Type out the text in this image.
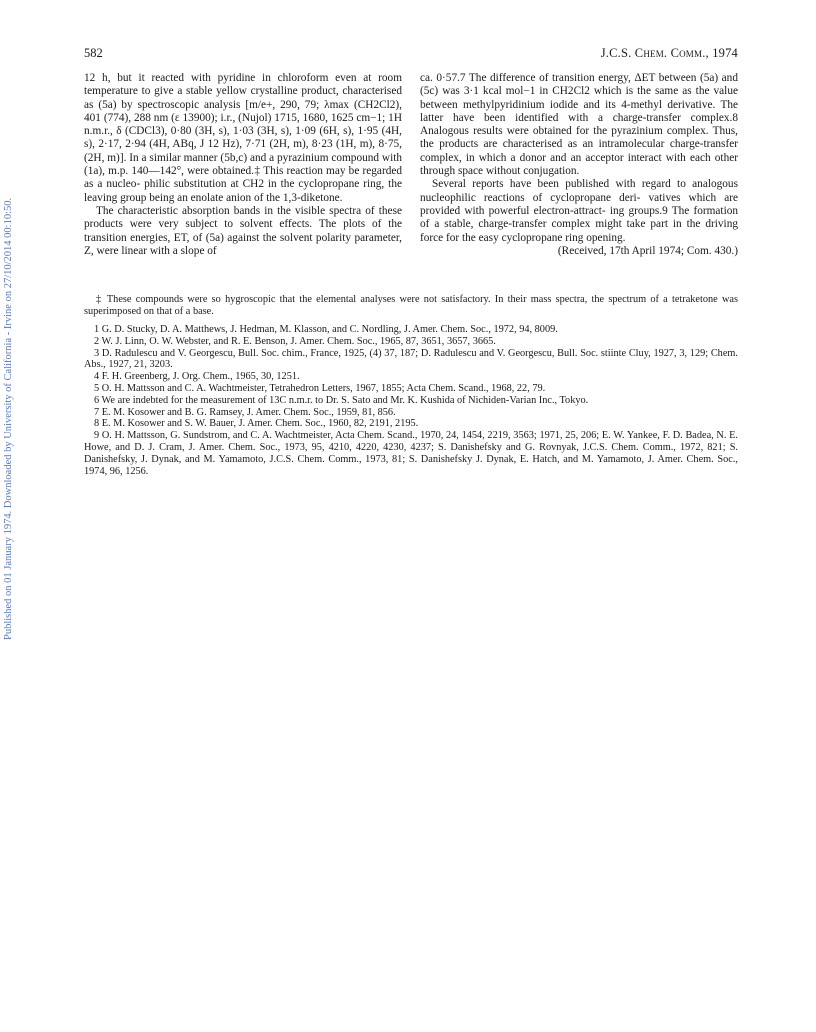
Published on 01 January 1974. Downloaded by University of California - Irvine on 27/10/2014 00:10:50.
582	J.C.S. Chem. Comm., 1974

12 h, but it reacted with pyridine in chloroform even at room temperature to give a stable yellow crystalline product, characterised as (5a) by spectroscopic analysis [m/e+, 290, 79; λmax (CH2Cl2), 401 (774), 288 nm (ε 13900); i.r., (Nujol) 1715, 1680, 1625 cm−1; 1H n.m.r., δ (CDCl3), 0·80 (3H, s), 1·03 (3H, s), 1·09 (6H, s), 1·95 (4H, s), 2·17, 2·94 (4H, ABq, J 12 Hz), 7·71 (2H, m), 8·23 (1H, m), 8·75, (2H, m)]. In a similar manner (5b,c) and a pyrazinium compound with (1a), m.p. 140—142°, were obtained.‡ This reaction may be regarded as a nucleo- philic substitution at CH2 in the cyclopropane ring, the leaving group being an enolate anion of the 1,3-diketone.

The characteristic absorption bands in the visible spectra of these products were very subject to solvent effects. The plots of the transition energies, ET, of (5a) against the solvent polarity parameter, Z, were linear with a slope of

ca. 0·57.7 The difference of transition energy, ΔET between (5a) and (5c) was 3·1 kcal mol−1 in CH2Cl2 which is the same as the value between methylpyridinium iodide and its 4-methyl derivative. The latter have been identified with a charge-transfer complex.8 Analogous results were obtained for the pyrazinium complex. Thus, the products are characterised as an intramolecular charge-transfer complex, in which a donor and an acceptor interact with each other through space without conjugation.

Several reports have been published with regard to analogous nucleophilic reactions of cyclopropane deri- vatives which are provided with powerful electron-attract- ing groups.9 The formation of a stable, charge-transfer complex might take part in the driving force for the easy cyclopropane ring opening.

(Received, 17th April 1974; Com. 430.)

‡ These compounds were so hygroscopic that the elemental analyses were not satisfactory. In their mass spectra, the spectrum of a tetraketone was superimposed on that of a base.

1 G. D. Stucky, D. A. Matthews, J. Hedman, M. Klasson, and C. Nordling, J. Amer. Chem. Soc., 1972, 94, 8009.

2 W. J. Linn, O. W. Webster, and R. E. Benson, J. Amer. Chem. Soc., 1965, 87, 3651, 3657, 3665.

3 D. Radulescu and V. Georgescu, Bull. Soc. chim., France, 1925, (4) 37, 187; D. Radulescu and V. Georgescu, Bull. Soc. stiinte Cluy, 1927, 3, 129; Chem. Abs., 1927, 21, 3203.

4 F. H. Greenberg, J. Org. Chem., 1965, 30, 1251.

5 O. H. Mattsson and C. A. Wachtmeister, Tetrahedron Letters, 1967, 1855; Acta Chem. Scand., 1968, 22, 79.

6 We are indebted for the measurement of 13C n.m.r. to Dr. S. Sato and Mr. K. Kushida of Nichiden-Varian Inc., Tokyo.

7 E. M. Kosower and B. G. Ramsey, J. Amer. Chem. Soc., 1959, 81, 856.

8 E. M. Kosower and S. W. Bauer, J. Amer. Chem. Soc., 1960, 82, 2191, 2195.

9 O. H. Mattsson, G. Sundstrom, and C. A. Wachtmeister, Acta Chem. Scand., 1970, 24, 1454, 2219, 3563; 1971, 25, 206; E. W. Yankee, F. D. Badea, N. E. Howe, and D. J. Cram, J. Amer. Chem. Soc., 1973, 95, 4210, 4220, 4230, 4237; S. Danishefsky and G. Rovnyak, J.C.S. Chem. Comm., 1972, 821; S. Danishefsky, J. Dynak, and M. Yamamoto, J.C.S. Chem. Comm., 1973, 81; S. Danishefsky J. Dynak, E. Hatch, and M. Yamamoto, J. Amer. Chem. Soc., 1974, 96, 1256.
